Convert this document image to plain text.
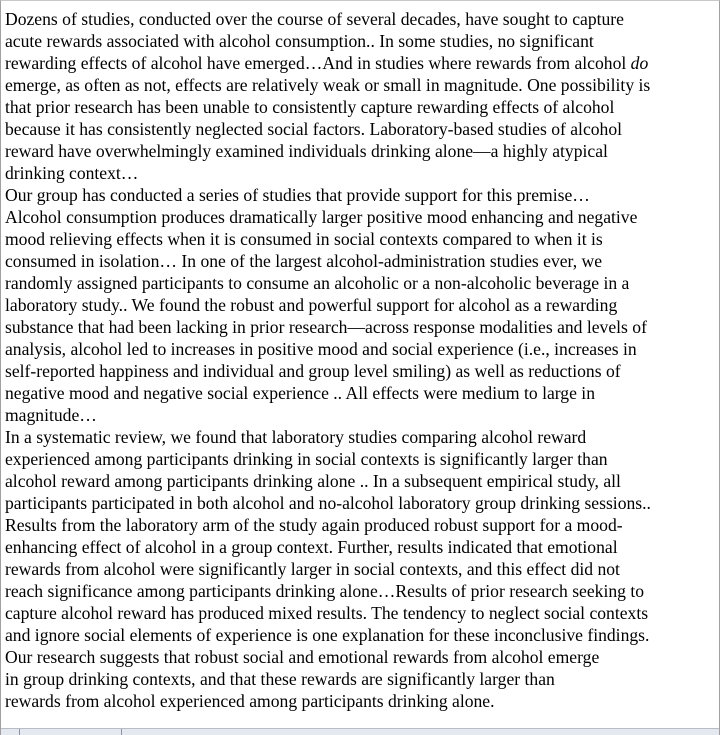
Dozens of studies, conducted over the course of several decades, have sought to capture
acute rewards associated with alcohol consumption.. In some studies, no significant
rewarding effects of alcohol have emerged…And in studies where rewards from alcohol do
emerge, as often as not, effects are relatively weak or small in magnitude. One possibility is
that prior research has been unable to consistently capture rewarding effects of alcohol
because it has consistently neglected social factors. Laboratory-based studies of alcohol
reward have overwhelmingly examined individuals drinking alone—a highly atypical
drinking context…
Our group has conducted a series of studies that provide support for this premise…
Alcohol consumption produces dramatically larger positive mood enhancing and negative
mood relieving effects when it is consumed in social contexts compared to when it is
consumed in isolation… In one of the largest alcohol-administration studies ever, we
randomly assigned participants to consume an alcoholic or a non-alcoholic beverage in a
laboratory study.. We found the robust and powerful support for alcohol as a rewarding
substance that had been lacking in prior research—across response modalities and levels of
analysis, alcohol led to increases in positive mood and social experience (i.e., increases in
self-reported happiness and individual and group level smiling) as well as reductions of
negative mood and negative social experience .. All effects were medium to large in
magnitude…
In a systematic review, we found that laboratory studies comparing alcohol reward
experienced among participants drinking in social contexts is significantly larger than
alcohol reward among participants drinking alone .. In a subsequent empirical study, all
participants participated in both alcohol and no-alcohol laboratory group drinking sessions..
Results from the laboratory arm of the study again produced robust support for a mood-
enhancing effect of alcohol in a group context. Further, results indicated that emotional
rewards from alcohol were significantly larger in social contexts, and this effect did not
reach significance among participants drinking alone…Results of prior research seeking to
capture alcohol reward has produced mixed results. The tendency to neglect social contexts
and ignore social elements of experience is one explanation for these inconclusive findings.
Our research suggests that robust social and emotional rewards from alcohol emerge
in group drinking contexts, and that these rewards are significantly larger than
rewards from alcohol experienced among participants drinking alone.
